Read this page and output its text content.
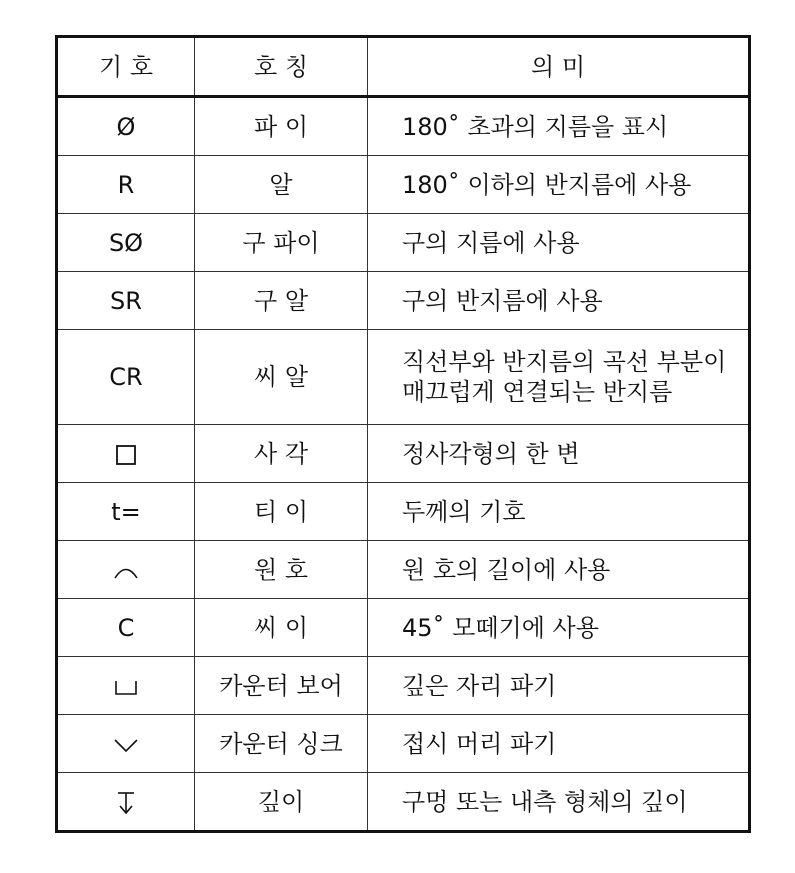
기 호	호 칭	의 미
Ø	파 이	180˚ 초과의 지름을 표시
R	알	180˚ 이하의 반지름에 사용
SØ	구 파이	구의 지름에 사용
SR	구 알	구의 반지름에 사용
CR	씨 알	직선부와 반지름의 곡선 부분이 매끄럽게 연결되는 반지름
	사 각	정사각형의 한 변
t=	티 이	두께의 기호
	원 호	원 호의 길이에 사용
C	씨 이	45˚ 모떼기에 사용
	카운터 보어	깊은 자리 파기
	카운터 싱크	접시 머리 파기
	깊이	구멍 또는 내측 형체의 깊이
